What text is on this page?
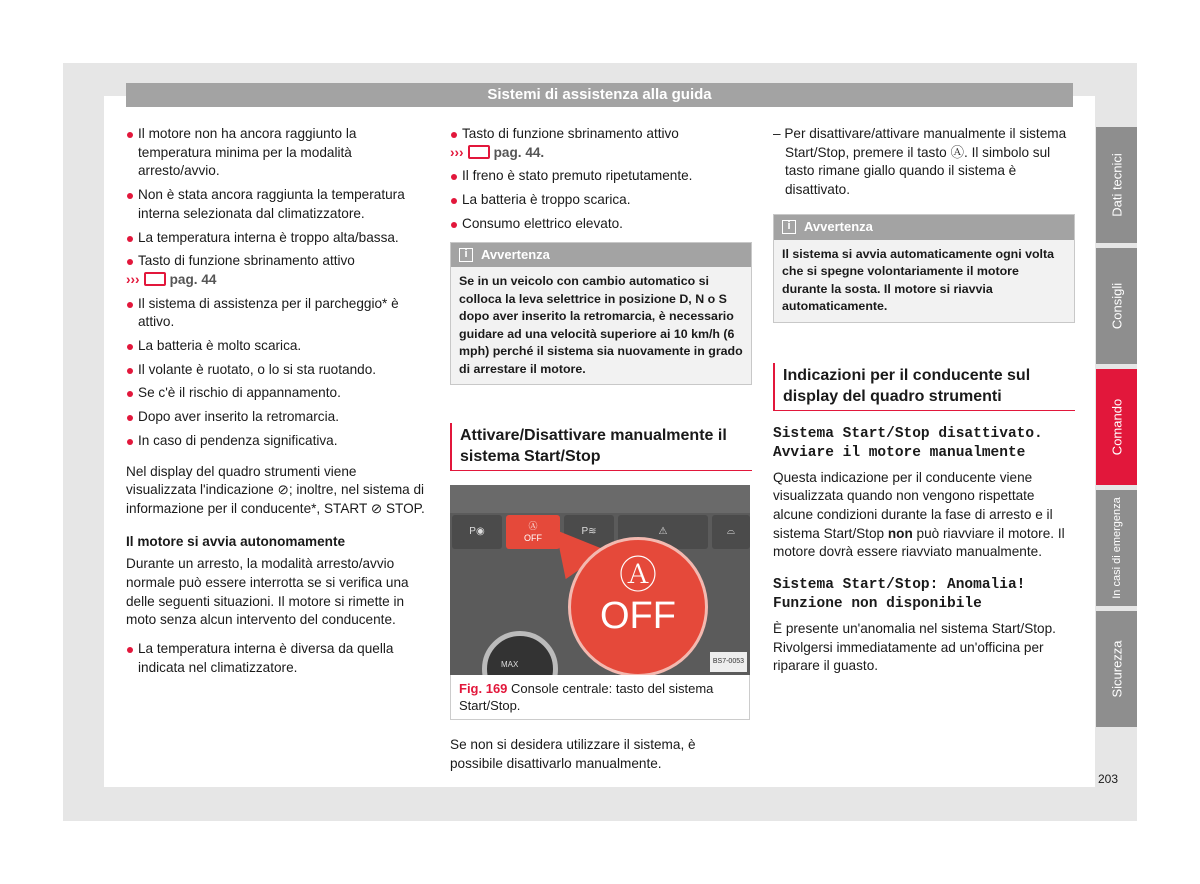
Sistemi di assistenza alla guida
Il motore non ha ancora raggiunto la temperatura minima per la modalità arresto/avvio.
Non è stata ancora raggiunta la temperatura interna selezionata dal climatizzatore.
La temperatura interna è troppo alta/bassa.
Tasto di funzione sbrinamento attivo
››› pag. 44
Il sistema di assistenza per il parcheggio* è attivo.
La batteria è molto scarica.
Il volante è ruotato, o lo si sta ruotando.
Se c'è il rischio di appannamento.
Dopo aver inserito la retromarcia.
In caso di pendenza significativa.

Nel display del quadro strumenti viene visualizzata l'indicazione ⊘; inoltre, nel sistema di informazione per il conducente*, START ⊘ STOP.

Il motore si avvia autonomamente

Durante un arresto, la modalità arresto/avvio normale può essere interrotta se si verifica una delle seguenti situazioni. Il motore si rimette in moto senza alcun intervento del conducente.

La temperatura interna è diversa da quella indicata nel climatizzatore.
Tasto di funzione sbrinamento attivo
››› pag. 44.
Il freno è stato premuto ripetutamente.
La batteria è troppo scarica.
Consumo elettrico elevato.
i	Avvertenza
Se in un veicolo con cambio automatico si colloca la leva selettrice in posizione D, N o S dopo aver inserito la retromarcia, è necessario guidare ad una velocità superiore ai 10 km/h (6 mph) perché il sistema sia nuovamente in grado di arrestare il motore.
Attivare/Disattivare manualmente il sistema Start/Stop
P◉	Ⓐ
OFF
P≋	⚠	⌓
MAX
Ⓐ
OFF
BS7-0053
Fig. 169 Console centrale: tasto del sistema Start/Stop.

Se non si desidera utilizzare il sistema, è possibile disattivarlo manualmente.

– Per disattivare/attivare manualmente il sistema Start/Stop, premere il tasto Ⓐ. Il simbolo sul tasto rimane giallo quando il sistema è disattivato.

i	Avvertenza
Il sistema si avvia automaticamente ogni volta che si spegne volontariamente il motore durante la sosta. Il motore si riavvia automaticamente.
Indicazioni per il conducente sul display del quadro strumenti
Sistema Start/Stop disattivato. Avviare il motore manualmente

Questa indicazione per il conducente viene visualizzata quando non vengono rispettate alcune condizioni durante la fase di arresto e il sistema Start/Stop non può riavviare il motore. Il motore dovrà essere riavviato manualmente.

Sistema Start/Stop: Anomalia! Funzione non disponibile

È presente un'anomalia nel sistema Start/Stop. Rivolgersi immediatamente ad un'officina per riparare il guasto.

Dati tecnici
Consigli
Comando
In casi di emergenza
Sicurezza
203
